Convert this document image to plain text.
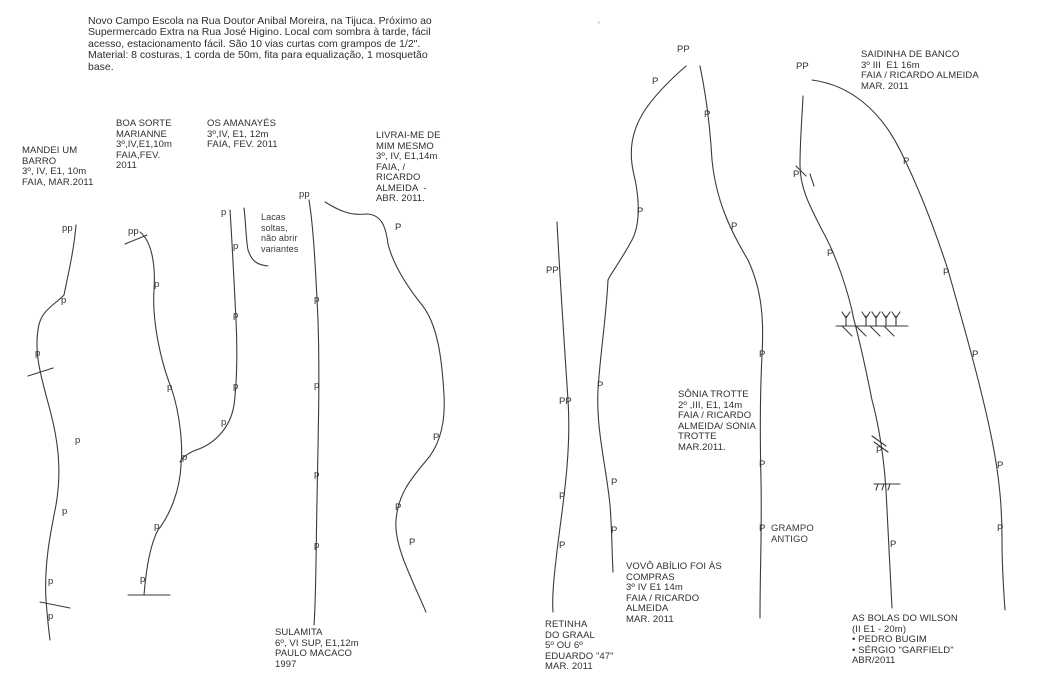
Novo Campo Escola na Rua Doutor Anibal Moreira, na Tijuca. Próximo ao Supermercado Extra na Rua José Higino. Local com sombra à tarde, fácil acesso, estacionamento fácil. São 10 vias curtas com grampos de 1/2". Material: 8 costuras, 1 corda de 50m, fita para equalização, 1 mosquetão base.
'
MANDEI UM
BARRO
3º, IV, E1, 10m
FAIA, MAR.2011
BOA SORTE
MARIANNE
3º,IV,E1,10m
FAIA,FEV.
2011
OS AMANAYÉS
3º,IV, E1, 12m
FAIA, FEV. 2011
LIVRAI-ME DE
MIM MESMO
3º, IV, E1,14m
FAIA, /
RICARDO
ALMEIDA  -
ABR. 2011.
SULAMITA
6º, VI SUP, E1,12m
PAULO MACACO
1997
RETINHA
DO GRAAL
5º OU 6º
EDUARDO "47"
MAR. 2011
VOVÔ ABÍLIO FOI ÀS
COMPRAS
3º IV E1 14m
FAIA / RICARDO
ALMEIDA
MAR. 2011
SÔNIA TROTTE
2º ,III, E1, 14m
FAIA / RICARDO
ALMEIDA/ SONIA
TROTTE
MAR.2011.
SAIDINHA DE BANCO
3º III  E1 16m
FAIA / RICARDO ALMEIDA
MAR. 2011
AS BOLAS DO WILSON
(II E1 - 20m)
• PEDRO BUGIM
• SÉRGIO "GARFIELD"
ABR/2011
Lacas
soltas,
não abrir
variantes
GRAMPO
ANTIGO
pp
p
p
p
p
p
p
pp
p
p
p
p
p
p
p
p
p
p
pp
P
P
P
P
p
p
p
p
PP
PP
P
P
P
P
P
PP
P
P
P
P
P
P
P
PP
P
P
P
P
P
P
P
P
P
